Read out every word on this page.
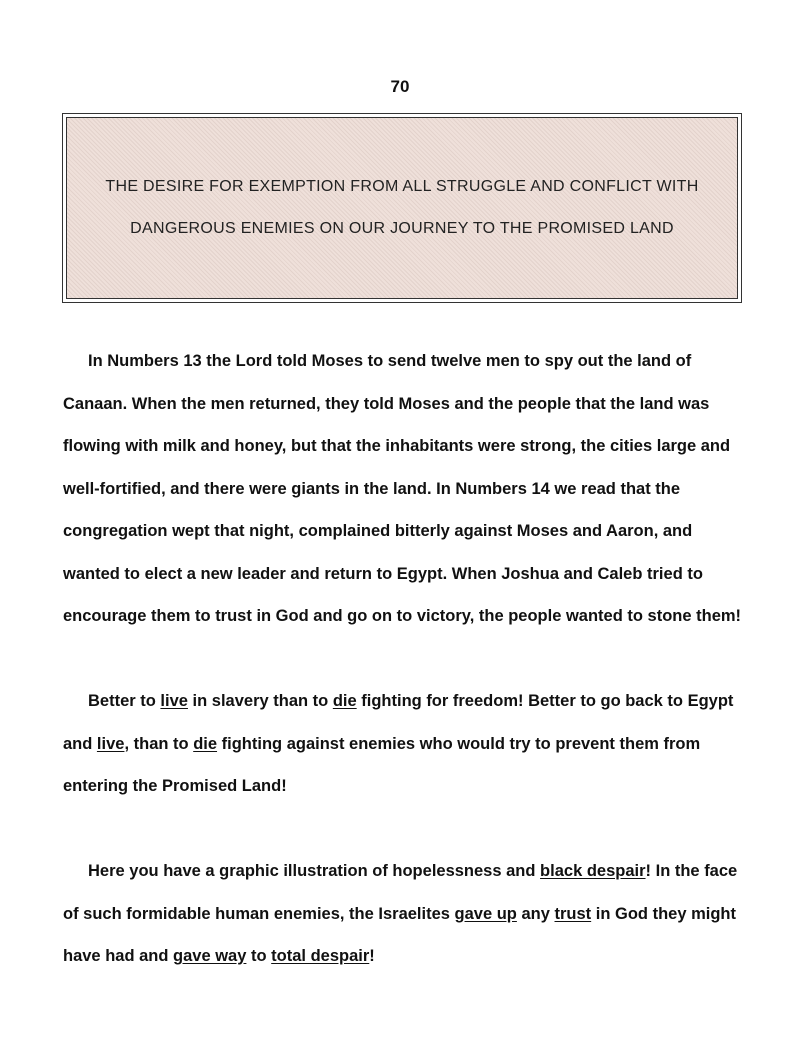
70
THE DESIRE FOR EXEMPTION FROM ALL STRUGGLE AND CONFLICT WITH
DANGEROUS ENEMIES ON OUR JOURNEY TO THE PROMISED LAND

In Numbers 13 the Lord told Moses to send twelve men to spy out the land of Canaan. When the men returned, they told Moses and the people that the land was flowing with milk and honey, but that the inhabitants were strong, the cities large and well-fortified, and there were giants in the land. In Numbers 14 we read that the congregation wept that night, complained bitterly against Moses and Aaron, and wanted to elect a new leader and return to Egypt. When Joshua and Caleb tried to encourage them to trust in God and go on to victory, the people wanted to stone them!

Better to live in slavery than to die fighting for freedom! Better to go back to Egypt and live, than to die fighting against enemies who would try to prevent them from entering the Promised Land!

Here you have a graphic illustration of hopelessness and black despair! In the face of such formidable human enemies, the Israelites gave up any trust in God they might have had and gave way to total despair!
